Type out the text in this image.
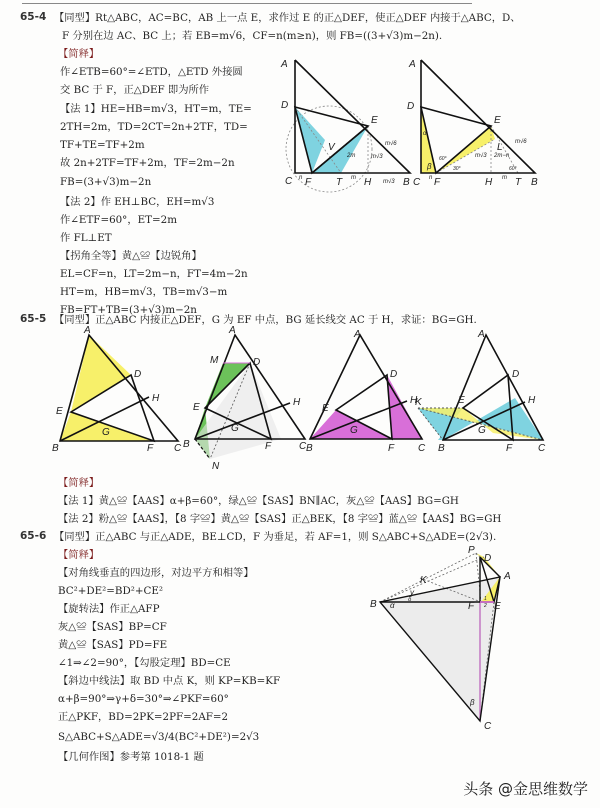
65-4 【同型】Rt△ABC，AC=BC，AB 上一点 E，求作过 E 的正△DEF，使正△DEF 内接于△ABC，D、
F 分别在边 AC、BC 上；若 EB=m√6，CF=n(m≥n)，则 FB=((3+√3)m−2n).
【简释】
作∠ETB=60°=∠ETD，△ETD 外接圆
交 BC 于 F，正△DEF 即为所作
【法 1】HE=HB=m√3，HT=m，TE=
2TH=2m，TD=2CT=2n+2TF，TD=
TF+TE=TF+2m
故 2n+2TF=TF+2m，TF=2m−2n
FB=(3+√3)m−2n
【法 2】作 EH⊥BC，EH=m√3
作∠ETF=60°，ET=2m
作 FL⊥ET
【拐角全等】黄△≌【边锐角】
EL=CF=n，LT=2m−n，FT=4m−2n
HT=m，HB=m√3，TB=m√3−m
FB=FT+TB=(3+√3)m−2n
A
D
E
C F T H	B
V
n	m
m√6
m√3
2m
m√3
A
D
E
C F	H T B
L
α
β
60°
30°	60°
m√3 2m−n
m√6
n	m
65-5 【同型】正△ABC 内接正△DEF，G 为 EF 中点，BG 延长线交 AC 于 H，求证：BG=GH.
A
D
E
H
G
B	F C
A
M	D
E	H
G
B	F	C
N
A
D
E
H
G
B	F C
A
D
E	H
K
G
B	F	C
【简释】
【法 1】黄△≌【AAS】α+β=60°，绿△≌【SAS】BN∥AC，灰△≌【AAS】BG=GH
【法 2】粉△≌【AAS】，【8 字≌】黄△≌【SAS】正△BEK，【8 字≌】蓝△≌【AAS】BG=GH
65-6 【同型】正△ABC 与正△ADE，BE⊥CD，F 为垂足，若 AF=1，则 S△ABC+S△ADE=(2√3).
【简释】
【对角线垂直的四边形，对边平方和相等】
BC²+DE²=BD²+CE²
【旋转法】作正△AFP
灰△≌【SAS】BP=CF
黄△≌【SAS】PD=FE
∠1⇒∠2=90°，【勾股定理】BD=CE
【斜边中线法】取 BD 中点 K，则 KP=KB=KF
α+β=90°⇒γ+δ=30°⇒∠PKF=60°
正△PKF，BD=2PK=2PF=2AF=2
S△ABC+S△ADE=√3/4(BC²+DE²)=2√3
【几何作图】参考第 1018-1 题
P
D
A
K
B	F E
C
α
β
γ
δ	1
2
头条 @金思维数学
